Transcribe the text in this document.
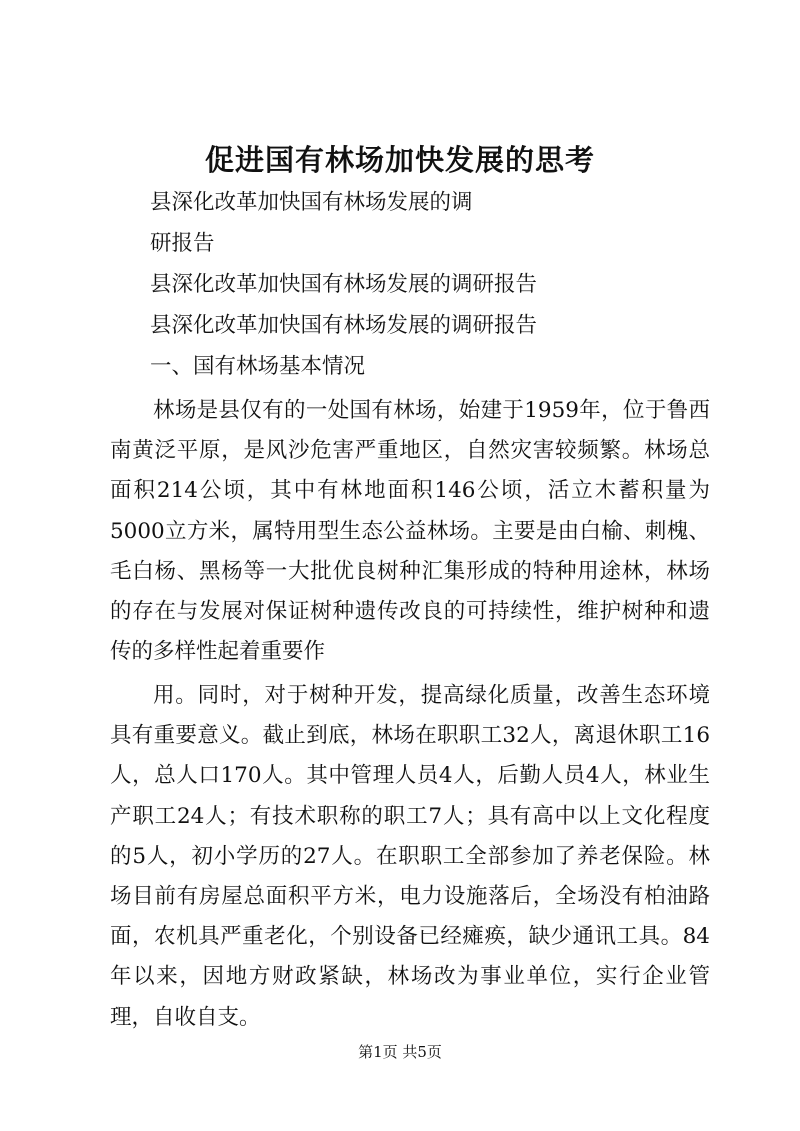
促进国有林场加快发展的思考
县深化改革加快国有林场发展的调
研报告
县深化改革加快国有林场发展的调研报告
县深化改革加快国有林场发展的调研报告
一、国有林场基本情况

林场是县仅有的一处国有林场，始建于1959年，位于鲁西南黄泛平原，是风沙危害严重地区，自然灾害较频繁。林场总面积214公顷，其中有林地面积146公顷，活立木蓄积量为5000立方米，属特用型生态公益林场。主要是由白榆、刺槐、毛白杨、黑杨等一大批优良树种汇集形成的特种用途林，林场的存在与发展对保证树种遗传改良的可持续性，维护树种和遗传的多样性起着重要作

用。同时，对于树种开发，提高绿化质量，改善生态环境具有重要意义。截止到底，林场在职职工32人，离退休职工16人，总人口170人。其中管理人员4人，后勤人员4人，林业生产职工24人；有技术职称的职工7人；具有高中以上文化程度的5人，初小学历的27人。在职职工全部参加了养老保险。林场目前有房屋总面积平方米，电力设施落后，全场没有柏油路面，农机具严重老化，个别设备已经瘫痪，缺少通讯工具。84年以来，因地方财政紧缺，林场改为事业单位，实行企业管理，自收自支。

第1页 共5页
